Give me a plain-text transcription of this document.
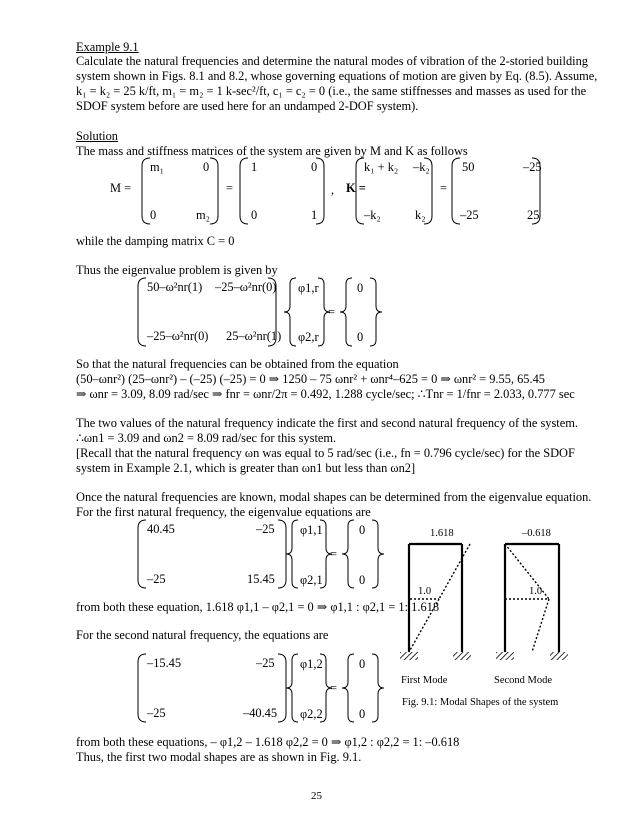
Example 9.1
Calculate the natural frequencies and determine the natural modes of vibration of the 2-storied building
system shown in Figs. 8.1 and 8.2, whose governing equations of motion are given by Eq. (8.5). Assume,
k₁ = k₂ = 25 k/ft, m₁ = m₂ = 1 k-sec²/ft, c₁ = c₂ = 0 (i.e., the same stiffnesses and masses as used for the
SDOF system before are used here for an undamped 2-DOF system).
Solution
The mass and stiffness matrices of the system are given by M and K as follows
M =
m₁	0
0	m₂
=
1	0
0	1
, K =
k₁ + k₂ –k₂
–k₂	k₂
=
50	–25
–25	25
while the damping matrix C = 0
Thus the eigenvalue problem is given by
50–ω²nr(1) –25–ω²nr(0)
–25–ω²nr(0) 25–ω²nr(1)
φ1,r
φ2,r
=
0
0
So that the natural frequencies can be obtained from the equation
(50–ωnr²) (25–ωnr²) – (–25) (–25) = 0 ⇒ 1250 – 75 ωnr² + ωnr⁴–625 = 0 ⇒ ωnr² = 9.55, 65.45
⇒ ωnr = 3.09, 8.09 rad/sec ⇒ fnr = ωnr/2π = 0.492, 1.288 cycle/sec; ∴Tnr = 1/fnr = 2.033, 0.777 sec
The two values of the natural frequency indicate the first and second natural frequency of the system.
∴ωn1 = 3.09 and ωn2 = 8.09 rad/sec for this system.
[Recall that the natural frequency ωn was equal to 5 rad/sec (i.e., fn = 0.796 cycle/sec) for the SDOF
system in Example 2.1, which is greater than ωn1 but less than ωn2]
Once the natural frequencies are known, modal shapes can be determined from the eigenvalue equation.
For the first natural frequency, the eigenvalue equations are
40.45	–25
–25	15.45
φ1,1
φ2,1
=
0
0
from both these equation, 1.618 φ1,1 – φ2,1 = 0 ⇒ φ1,1 : φ2,1 = 1: 1.618
For the second natural frequency, the equations are
–15.45	–25
–25	–40.45
φ1,2
φ2,2
=
0
0
from both these equations, – φ1,2 – 1.618 φ2,2 = 0 ⇒ φ1,2 : φ2,2 = 1: –0.618
Thus, the first two modal shapes are as shown in Fig. 9.1.
1.618
1.0
–0.618
1.0
First Mode	Second Mode
Fig. 9.1: Modal Shapes of the system
25
